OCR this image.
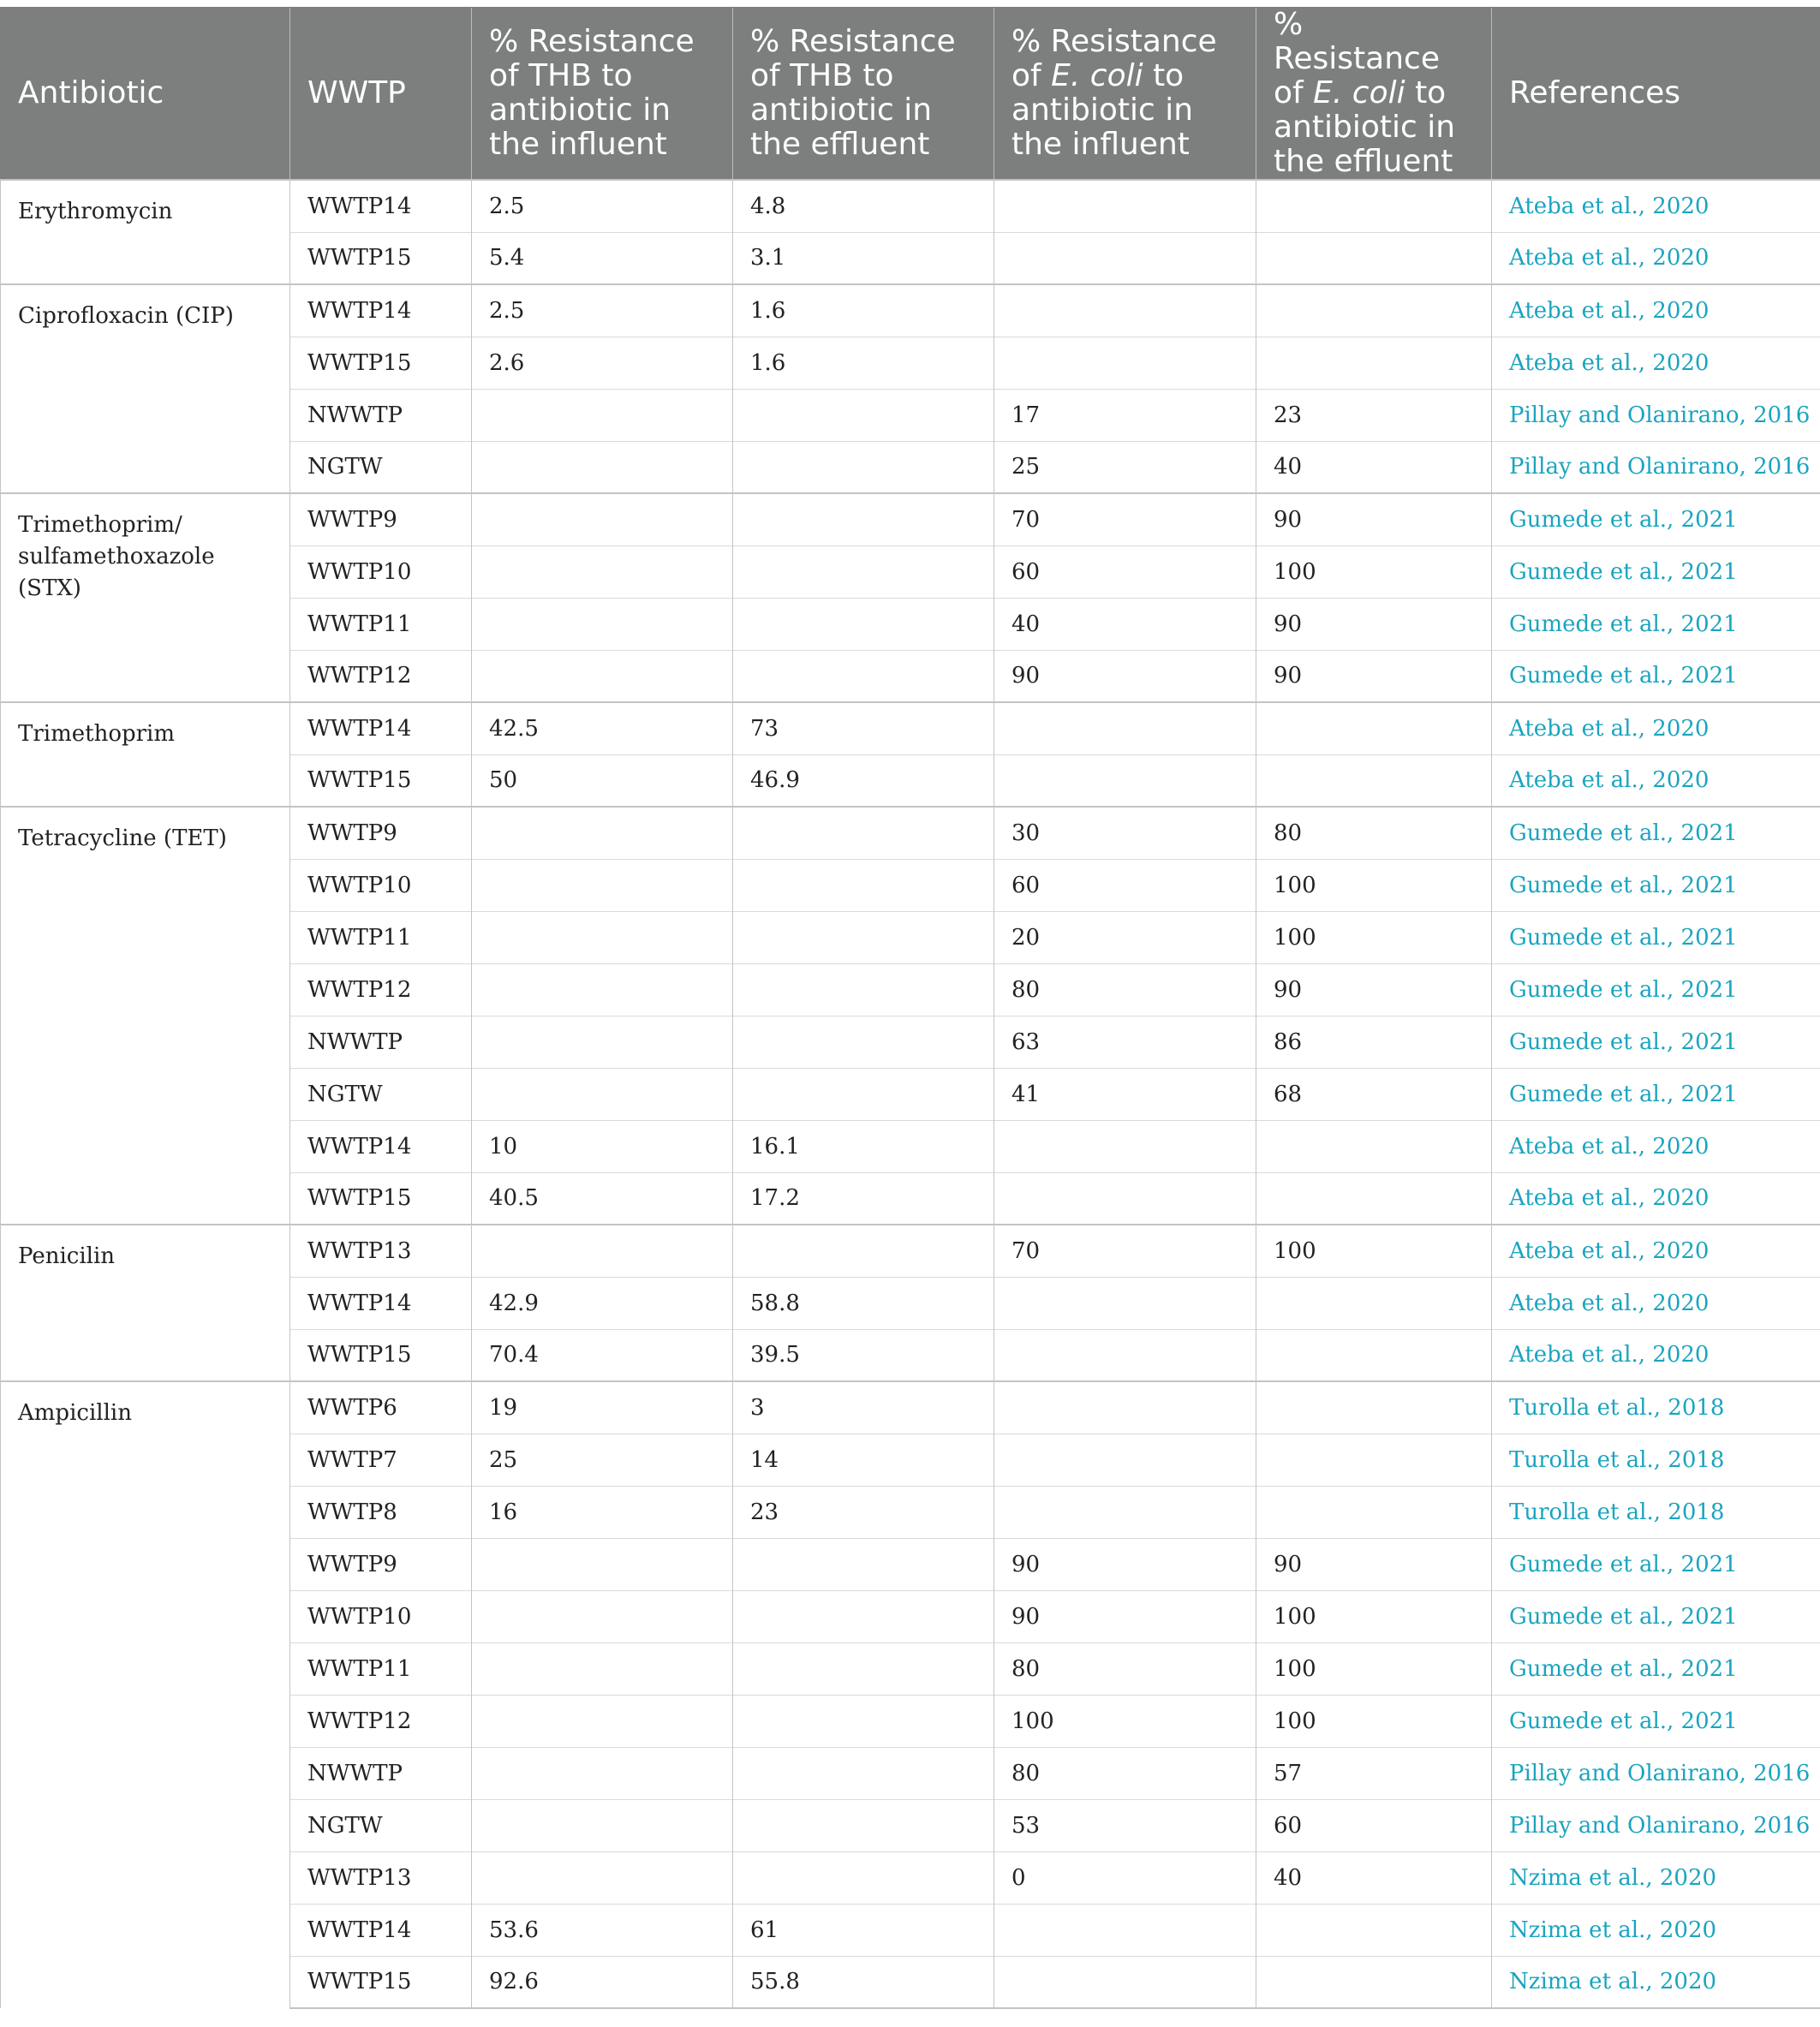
Antibiotic	WWTP	% Resistance of THB to antibiotic in the influent	% Resistance of THB to antibiotic in the effluent	% Resistance of E. coli to antibiotic in the influent	% Resistance of E. coli to antibiotic in the effluent	References
Erythromycin	WWTP14	2.5	4.8			Ateba et al., 2020
	WWTP15	5.4	3.1			Ateba et al., 2020
Ciprofloxacin (CIP)	WWTP14	2.5	1.6			Ateba et al., 2020
	WWTP15	2.6	1.6			Ateba et al., 2020
	NWWTP			17	23	Pillay and Olanirano, 2016
	NGTW			25	40	Pillay and Olanirano, 2016
Trimethoprim/ sulfamethoxazole (STX)	WWTP9			70	90	Gumede et al., 2021
	WWTP10			60	100	Gumede et al., 2021
	WWTP11			40	90	Gumede et al., 2021
	WWTP12			90	90	Gumede et al., 2021
Trimethoprim	WWTP14	42.5	73			Ateba et al., 2020
	WWTP15	50	46.9			Ateba et al., 2020
Tetracycline (TET)	WWTP9			30	80	Gumede et al., 2021
	WWTP10			60	100	Gumede et al., 2021
	WWTP11			20	100	Gumede et al., 2021
	WWTP12			80	90	Gumede et al., 2021
	NWWTP			63	86	Gumede et al., 2021
	NGTW			41	68	Gumede et al., 2021
	WWTP14	10	16.1			Ateba et al., 2020
	WWTP15	40.5	17.2			Ateba et al., 2020
Penicilin	WWTP13			70	100	Ateba et al., 2020
	WWTP14	42.9	58.8			Ateba et al., 2020
	WWTP15	70.4	39.5			Ateba et al., 2020
Ampicillin	WWTP6	19	3			Turolla et al., 2018
	WWTP7	25	14			Turolla et al., 2018
	WWTP8	16	23			Turolla et al., 2018
	WWTP9			90	90	Gumede et al., 2021
	WWTP10			90	100	Gumede et al., 2021
	WWTP11			80	100	Gumede et al., 2021
	WWTP12			100	100	Gumede et al., 2021
	NWWTP			80	57	Pillay and Olanirano, 2016
	NGTW			53	60	Pillay and Olanirano, 2016
	WWTP13			0	40	Nzima et al., 2020
	WWTP14	53.6	61			Nzima et al., 2020
	WWTP15	92.6	55.8			Nzima et al., 2020
